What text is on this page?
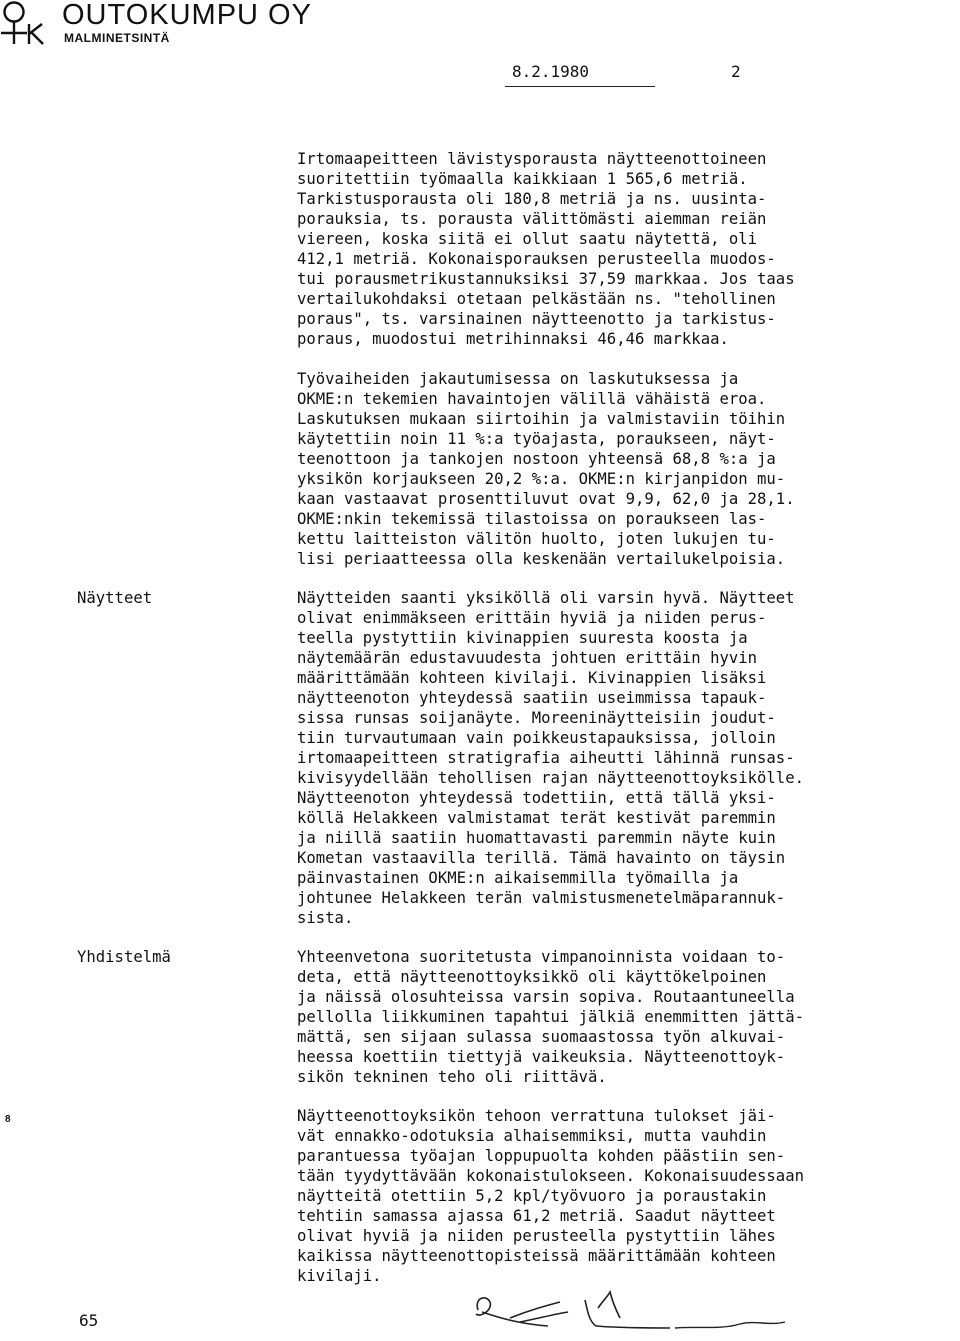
OUTOKUMPU OY
MALMINETSINTÄ
8.2.1980	2
Irtomaapeitteen lävistysporausta näytteenottoineen
suoritettiin työmaalla kaikkiaan 1 565,6 metriä.
Tarkistusporausta oli 180,8 metriä ja ns. uusinta-
porauksia, ts. porausta välittömästi aiemman reiän
viereen, koska siitä ei ollut saatu näytettä, oli
412,1 metriä. Kokonaisporauksen perusteella muodos-
tui porausmetrikustannuksiksi 37,59 markkaa. Jos taas
vertailukohdaksi otetaan pelkästään ns. "tehollinen
poraus", ts. varsinainen näytteenotto ja tarkistus-
poraus, muodostui metrihinnaksi 46,46 markkaa.
Työvaiheiden jakautumisessa on laskutuksessa ja
OKME:n tekemien havaintojen välillä vähäistä eroa.
Laskutuksen mukaan siirtoihin ja valmistaviin töihin
käytettiin noin 11 %:a työajasta, poraukseen, näyt-
teenottoon ja tankojen nostoon yhteensä 68,8 %:a ja
yksikön korjaukseen 20,2 %:a. OKME:n kirjanpidon mu-
kaan vastaavat prosenttiluvut ovat 9,9, 62,0 ja 28,1.
OKME:nkin tekemissä tilastoissa on poraukseen las-
kettu laitteiston välitön huolto, joten lukujen tu-
lisi periaatteessa olla keskenään vertailukelpoisia.
Näytteet	Näytteiden saanti yksiköllä oli varsin hyvä. Näytteet
olivat enimmäkseen erittäin hyviä ja niiden perus-
teella pystyttiin kivinappien suuresta koosta ja
näytemäärän edustavuudesta johtuen erittäin hyvin
määrittämään kohteen kivilaji. Kivinappien lisäksi
näytteenoton yhteydessä saatiin useimmissa tapauk-
sissa runsas soijanäyte. Moreeninäytteisiin joudut-
tiin turvautumaan vain poikkeustapauksissa, jolloin
irtomaapeitteen stratigrafia aiheutti lähinnä runsas-
kivisyydellään tehollisen rajan näytteenottoyksikölle.
Näytteenoton yhteydessä todettiin, että tällä yksi-
köllä Helakkeen valmistamat terät kestivät paremmin
ja niillä saatiin huomattavasti paremmin näyte kuin
Kometan vastaavilla terillä. Tämä havainto on täysin
päinvastainen OKME:n aikaisemmilla työmailla ja
johtunee Helakkeen terän valmistusmenetelmäparannuk-
sista.
Yhdistelmä	Yhteenvetona suoritetusta vimpanoinnista voidaan to-
deta, että näytteenottoyksikkö oli käyttökelpoinen
ja näissä olosuhteissa varsin sopiva. Routaantuneella
pellolla liikkuminen tapahtui jälkiä enemmitten jättä-
mättä, sen sijaan sulassa suomaastossa työn alkuvai-
heessa koettiin tiettyjä vaikeuksia. Näytteenottoyk-
sikön tekninen teho oli riittävä.
Näytteenottoyksikön tehoon verrattuna tulokset jäi-
vät ennakko-odotuksia alhaisemmiksi, mutta vauhdin
parantuessa työajan loppupuolta kohden päästiin sen-
tään tyydyttävään kokonaistulokseen. Kokonaisuudessaan
näytteitä otettiin 5,2 kpl/työvuoro ja poraustakin
tehtiin samassa ajassa 61,2 metriä. Saadut näytteet
olivat hyviä ja niiden perusteella pystyttiin lähes
kaikissa näytteenottopisteissä määrittämään kohteen
kivilaji.
8
65
